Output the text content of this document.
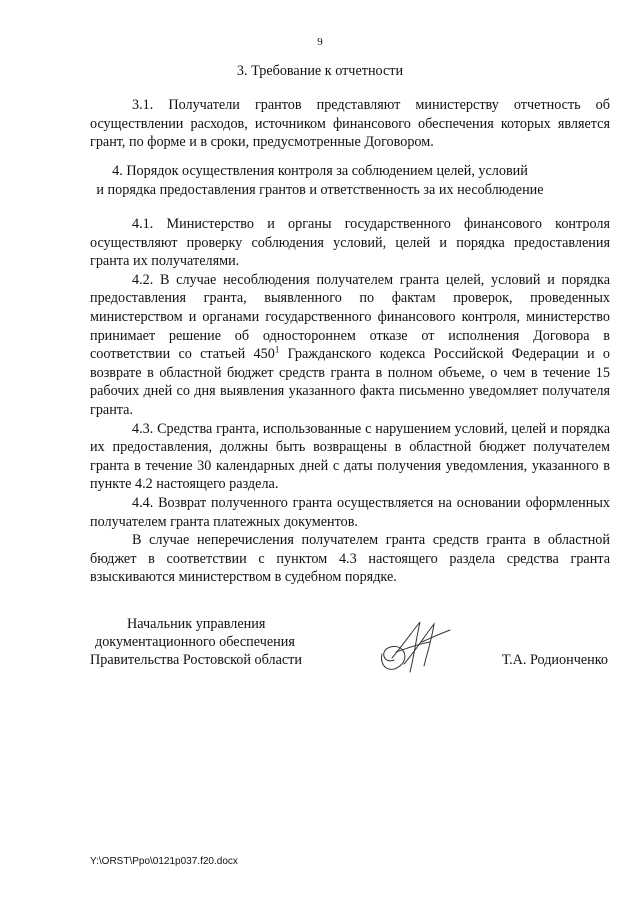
9
3. Требование к отчетности

3.1. Получатели грантов представляют министерству отчетность об осуществлении расходов, источником финансового обеспечения которых является грант, по форме и в сроки, предусмотренные Договором.

4. Порядок осуществления контроля за соблюдением целей, условий
и порядка предоставления грантов и ответственность за их несоблюдение

4.1. Министерство и органы государственного финансового контроля осуществляют проверку соблюдения условий, целей и порядка предоставления гранта их получателями.

4.2. В случае несоблюдения получателем гранта целей, условий и порядка предоставления гранта, выявленного по фактам проверок, проведенных министерством и органами государственного финансового контроля, министерство принимает решение об одностороннем отказе от исполнения Договора в соответствии со статьей $450^1$ Гражданского кодекса Российской Федерации и о возврате в областной бюджет средств гранта в полном объеме, о чем в течение 15 рабочих дней со дня выявления указанного факта письменно уведомляет получателя гранта.

4.3. Средства гранта, использованные с нарушением условий, целей и порядка их предоставления, должны быть возвращены в областной бюджет получателем гранта в течение 30 календарных дней с даты получения уведомления, указанного в пункте 4.2 настоящего раздела.

4.4. Возврат полученного гранта осуществляется на основании оформленных получателем гранта платежных документов.

В случае неперечисления получателем гранта средств гранта в областной бюджет в соответствии с пунктом 4.3 настоящего раздела средства гранта взыскиваются министерством в судебном порядке.

Начальник управления
документационного обеспечения
Правительства Ростовской области	Т.А. Родионченко
Y:\ORST\Ppo\0121p037.f20.docx
